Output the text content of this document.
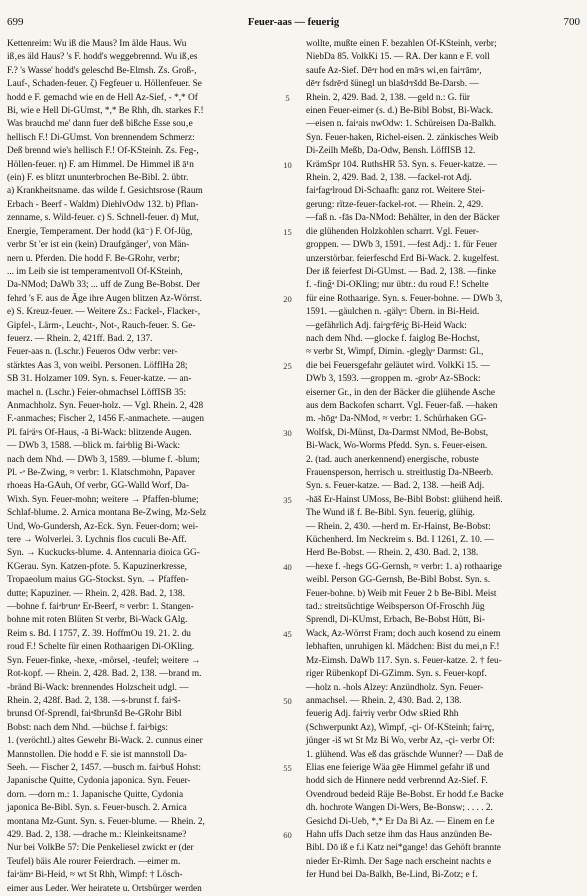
699	Feuer-aas — feuerig	700
Kettenreim: Wu iß die Maus? Im älde Haus. Wu
iß‚es äld Haus? 's F. hodd's weggebrennd. Wu iß‚es
F.? 's Wasse' hodd's geleschd Be-Elmsh. Zs. Groß-,
Lauf-, Schaden-feuer. ζ) Fegfeuer u. Höllenfeuer. Se
hodd e F. gemachd wie en de Hell Az-Sief, - *,* Of
Bi, wie e Hell Di-GUmst, *,* Be Rhh, dh. starkes F.!
Was brauchd me' dann fuer deß bißche Esse sou‚e
hellisch F.! Di-GUmst. Von brennendem Schmerz:
Deß brennd wie's hellisch F.! Of-KSteinh. Zs. Feg-,
Höllen-feuer. η) F. am Himmel. De Himmel iß ā¹n
(ein) F. es blitzt ununterbrochen Be-Bibl. 2. übtr.
a) Krankheitsname. das wilde f. Gesichtsrose (Raum
Erbach - Beerf - Waldm) DiehlvOdw 132. b) Pflan-
zenname, s. Wild-feuer. c) S. Schnell-feuer. d) Mut,
Energie, Temperament. Der hodd (kā⁻) F. Of-Jüg,
verbr St 'er ist ein (kein) Draufgänger', von Män-
nern u. Pferden. Die hodd F. Be-GRohr, verbr;
... im Leib sie ist temperamentvoll Of-KSteinh,
Da-NMod; DaWb 33; ... uff de Zung Be-Bobst. Der
fehrd 's F. aus de Āge ihre Augen blitzen Az-Wörrst.
e) S. Kreuz-feuer. — Weitere Zs.: Fackel-, Flacker-,
Gipfel-, Lärm-, Leucht-, Not-, Rauch-feuer. S. Ge-
feuerz. — Rhein. 2, 421ff. Bad. 2, 137.
Feuer-aas n. (Lschr.) Feueros Odw verbr: ver-
stärktes Aas 3, von weibl. Personen. LöfflHa 28;
SB 31. Holzamer 109. Syn. s. Feuer-katze. — an-
machel n. (Lschr.) Feier-ohmachsel LöffISB 35:
Anmachholz. Syn. Feuer-holz. — Vgl. Rhein. 2, 428
F.-anmaches; Fischer 2, 1456 F.-anmachete. —augen
Pl. faiᵊäᵘs Of-Haus, -ā Bi-Wack: blitzende Augen.
— DWb 3, 1588. —blick m. faiᵊblig Bi-Wack:
nach dem Nhd. — DWb 3, 1589. —blume f. -blum;
Pl. -ᵊ Be-Zwing, ≈ verbr: 1. Klatschmohn, Papaver
rhoeas Ha-GAuh, Of verbr, GG-Walld Worf, Da-
Wixh. Syn. Feuer-mohn; weitere → Pfaffen-blume;
Schlaf-blume. 2. Arnica montana Be-Zwing, Mz-Selz
Und, Wo-Gundersh, Az-Eck. Syn. Feuer-dorn; wei-
tere → Wolverlei. 3. Lychnis flos cuculi Be-Aff.
Syn. → Kuckucks-blume. 4. Antennaria dioica GG-
KGerau. Syn. Katzen-pfote. 5. Kapuzinerkresse,
Tropaeolum maius GG-Stockst. Syn. → Pfaffen-
dutte; Kapuziner. — Rhein. 2, 428. Bad. 2, 138.
—bohne f. faiᵊbᵒunᵊ Er-Beerf, ≈ verbr: 1. Stangen-
bohne mit roten Blüten St verbr, Bi-Wack GAlg.
Reim s. Bd. I 1757, Z. 39. HoffmOu 19. 21. 2. du
roud F.! Schelte für einen Rothaarigen Di-OKling.
Syn. Feuer-finke, -hexe, -mörsel, -teufel; weitere →
Rot-kopf. — Rhein. 2, 428. Bad. 2, 138. —brand m.
-bränd Bi-Wack: brennendes Holzscheit udgl. —
Rhein. 2, 428f. Bad. 2, 138. —s-brunst f. faiᵊš-
brunsd Of-Sprendl, faiᵊšbrunšd Be-GRohr Bibl
Bobst: nach dem Nhd. —büchse f. faiᵊbigs:
1. (veröchtl.) altes Gewehr Bi-Wack. 2. cunnus einer
Mannstollen. Die hodd e F. sie ist mannstoll Da-
Seeh. — Fischer 2, 1457. —busch m. faiᵊbuš Hohst:
Japanische Quitte, Cydonia japonica. Syn. Feuer-
dorn. —dorn m.: 1. Japanische Quitte, Cydonia
japonica Be-Bibl. Syn. s. Feuer-busch. 2. Arnica
montana Mz-Gunt. Syn. s. Feuer-blume. — Rhein. 2,
429. Bad. 2, 138. —drache m.: Kleinkeitsname?
Nur bei VolkBe 57: Die Penkeliesel zwickt er (der
Teufel) bäis Ale rourer Feierdrach. —eimer m.
faiᵊämᵊ Bi-Heid, ≈ wt St Rhh, Wimpf: † Lösch-
eimer aus Leder. Wer heiratete u. Ortsbürger werden
5
10
15
20
25
30
35
40
45
50
55
60
wollte, mußte einen F. bezahlen Of-KSteinh, verbr;
NiebDa 85. VolkKi 15. — RA. Der kann e F. voll
saufe Az-Sief. Dēᵊr hod en māᵊs wi‚en faiᵊrāmᵊ,
dēᵊr fsdrēᵊd šünegl un blašdᵊršdd Be-Darsb. —
Rhein. 2, 429. Bad. 2, 138. —geld n.: G. für
einen Feuer-eimer (s. d.) Be-Bibl Bobst, Bi-Wack.
—eisen n. faiᵊais nwOdw: 1. Schüreisen Da-Balkh.
Syn. Feuer-haken, Richel-eisen. 2. zänkisches Weib
Di-Zeilh Meßb, Da-Odw, Bensh. LöffISB 12.
KrämSpr 104. RuthsHR 53. Syn. s. Feuer-katze. —
Rhein. 2, 429. Bad. 2, 138. —fackel-rot Adj.
faiᵊfagᵊlroud Di-Schaafh: ganz rot. Weitere Stei-
gerung: rïtze-feuer-fackel-rot. — Rhein. 2, 429.
—faß n. -fās Da-NMod: Behälter, in den der Bäcker
die glühenden Holzkohlen scharrt. Vgl. Feuer-
groppen. — DWb 3, 1591. —fest Adj.: 1. für Feuer
unzerstörbar. feierfeschd Erd Bi-Wack. 2. kugelfest.
Der iß feierfest Di-GUmst. — Bad. 2, 138. —finke
f. -fing̃ᵊ Di-OKling; nur übtr.: du roud F.! Schelte
für eine Rothaarige. Syn. s. Feuer-bohne. — DWb 3,
1591. —gäulchen n. -gälγᵊ: Übern. in Bi-Heid.
—gefährlich Adj. faiᵊgᵊfēᵊi̯ç Bi-Heid Wack:
nach dem Nhd. —glocke f. faiglog Be-Hochst,
≈ verbr St, Wimpf, Dimin. -glegl̥γᵊ Darmst: Gl.,
die bei Feuersgefahr geläutet wird. VolkKi 15. —
DWb 3, 1593. —groppen m. -grobᵊ Az-SBock:
eiserner Gr., in den der Bäcker die glühende Asche
aus dem Backofen scharrt. Vgl. Feuer-faß. —haken
m. -hōgᵊ Da-NMod, ≈ verbr: 1. Schürhaken GG-
Wolfsk, Di-Münst, Da-Darmst NMod, Be-Bobst,
Bi-Wack, Wo-Worms Pfedd. Syn. s. Feuer-eisen.
2. (tad. auch anerkennend) energische, robuste
Frauensperson, herrisch u. streitlustig Da-NBeerb.
Syn. s. Feuer-katze. — Bad. 2, 138. —heiß Adj.
-hāš Er-Hainst UMoss, Be-Bibl Bobst: glühend heiß.
The Wund iß f. Be-Bibl. Syn. feuerig, glühig.
— Rhein. 2, 430. —herd m. Er-Hainst, Be-Bobst:
Küchenherd. Im Neckreim s. Bd. I 1261, Z. 10. —
Herd Be-Bobst. — Rhein. 2, 430. Bad. 2, 138.
—hexe f. -hegs GG-Gernsh, ≈ verbr: 1. a) rothaarige
weibl. Person GG-Gernsh, Be-Bibl Bobst. Syn. s.
Feuer-bohne. b) Weib mit Feuer 2 b Be-Bibl. Meist
tad.: streitsüchtige Weibsperson Of-Froschh Jüg
Sprendl, Di-KUmst, Erbach, Be-Bobst Hütt, Bi-
Wack, Az-Wörrst Fram; doch auch kosend zu einem
lebhaften, unruhigen kl. Mädchen: Bist du mei‚n F.!
Mz-Eimsh. DaWb 117. Syn. s. Feuer-katze. 2. † feu-
riger Rübenkopf Di-GZimm. Syn. s. Feuer-kopf.
—holz n. -hols Alzey: Anzündholz. Syn. Feuer-
anmachsel. — Rhein. 2, 430. Bad. 2, 138.
feuerig Adj. faiᵊriγ verbr Odw sRied Rhh
(Schwerpunkt Az), Wimpf, -çi- Of-KSteinh; faiᵊrç,
jünger -iš wt St Mz Bi Wo, verbr Az, -çi- verbr Of:
1. glühend. Was eß das gräschde Wunner? — Daß de
Elias ene feierige Wäa gēe Himmel gefahr iß und
hodd sich de Hinnere nedd verbrennd Az-Sief. F.
Ovendroud bedeid Räje Be-Bobst. Er hodd f.e Backe
dh. hochrote Wangen Di-Wers, Be-Bonsw; . . . . 2.
Gesichd Di-Ueb, *,* Er Da Bi Az. — Einem en f.e
Hahn uffs Dach setze ihm das Haus anzünden Be-
Bibl. Dō iß e f.i Katz nei*gange! das Gehöft brannte
nieder Er-Rimh. Der Sage nach erscheint nachts e
fer Hund bei Da-Balkh, Be-Lind, Bi-Zotz; e f.
